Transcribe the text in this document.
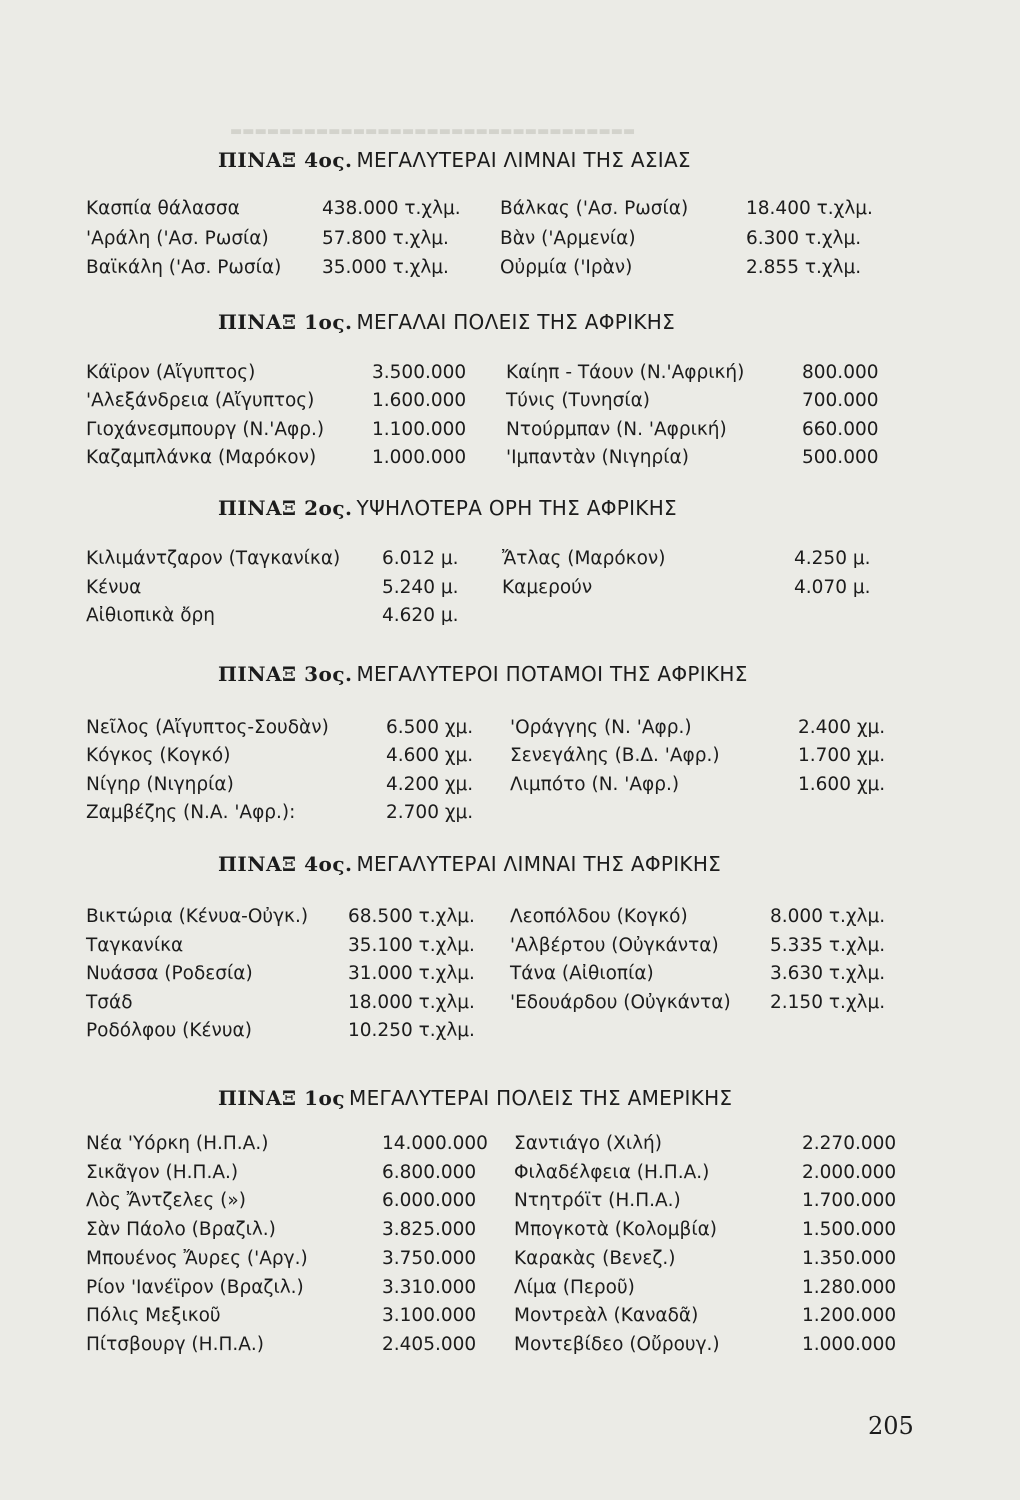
▬▬▬▬▬▬▬▬▬▬▬▬▬▬▬▬▬▬▬▬▬▬▬▬▬▬▬▬▬▬▬▬▬
ΠΙΝΑΞ 4ος. ΜΕΓΑΛΥΤΕΡΑΙ ΛΙΜΝΑΙ ΤΗΣ ΑΣΙΑΣ
Κασπία θάλασσα	438.000 τ.χλμ. Βάλκας ('Ασ. Ρωσία)	18.400 τ.χλμ.
'Αράλη ('Ασ. Ρωσία)	57.800 τ.χλμ.	Βὰν ('Αρμενία)	6.300 τ.χλμ.
Βαϊκάλη ('Ασ. Ρωσία) 35.000 τ.χλμ.	Οὐρμία ('Ιρὰν)	2.855 τ.χλμ.
ΠΙΝΑΞ 1ος. ΜΕΓΑΛΑΙ ΠΟΛΕΙΣ ΤΗΣ ΑΦΡΙΚΗΣ
Κάϊρον (Αἴγυπτος)	3.500.000 Καίηπ - Τάουν (Ν.'Αφρική)	800.000
'Αλεξάνδρεια (Αἴγυπτος)	1.600.000 Τύνις (Τυνησία)	700.000
Γιοχάνεσμπουργ (Ν.'Αφρ.)	1.100.000 Ντούρμπαν (Ν. 'Αφρική)	660.000
Καζαμπλάνκα (Μαρόκον)	1.000.000 'Ιμπαντὰν (Νιγηρία)	500.000
ΠΙΝΑΞ 2ος. ΥΨΗΛΟΤΕΡΑ ΟΡΗ ΤΗΣ ΑΦΡΙΚΗΣ
Κιλιμάντζαρον (Ταγκανίκα) 6.012 μ. Ἄτλας (Μαρόκον)	4.250 μ.
Κένυα	5.240 μ. Καμερούν	4.070 μ.
Αἰθιοπικὰ ὄρη	4.620 μ.
ΠΙΝΑΞ 3ος. ΜΕΓΑΛΥΤΕΡΟΙ ΠΟΤΑΜΟΙ ΤΗΣ ΑΦΡΙΚΗΣ
Νεῖλος (Αἴγυπτος-Σουδὰν)	6.500 χμ. 'Οράγγης (Ν. 'Αφρ.)	2.400 χμ.
Κόγκος (Κογκό)	4.600 χμ. Σενεγάλης (Β.Δ. 'Αφρ.)	1.700 χμ.
Νίγηρ (Νιγηρία)	4.200 χμ. Λιμπότο (Ν. 'Αφρ.)	1.600 χμ.
Ζαμβέζης (Ν.Α. 'Αφρ.):	2.700 χμ.
ΠΙΝΑΞ 4ος. ΜΕΓΑΛΥΤΕΡΑΙ ΛΙΜΝΑΙ ΤΗΣ ΑΦΡΙΚΗΣ
Βικτώρια (Κένυα-Οὐγκ.) 68.500 τ.χλμ. Λεοπόλδου (Κογκό)	8.000 τ.χλμ.
Ταγκανίκα	35.100 τ.χλμ. 'Αλβέρτου (Οὐγκάντα)	5.335 τ.χλμ.
Νυάσσα (Ροδεσία)	31.000 τ.χλμ. Τάνα (Αἰθιοπία)	3.630 τ.χλμ.
Τσάδ	18.000 τ.χλμ. 'Εδουάρδου (Οὐγκάντα) 2.150 τ.χλμ.
Ροδόλφου (Κένυα)	10.250 τ.χλμ.
ΠΙΝΑΞ 1ος ΜΕΓΑΛΥΤΕΡΑΙ ΠΟΛΕΙΣ ΤΗΣ ΑΜΕΡΙΚΗΣ
Νέα 'Υόρκη (Η.Π.Α.)	14.000.000 Σαντιάγο (Χιλή)	2.270.000
Σικᾶγον (Η.Π.Α.)	6.800.000 Φιλαδέλφεια (Η.Π.Α.)	2.000.000
Λὸς Ἄντζελες (»)	6.000.000 Ντητρόϊτ (Η.Π.Α.)	1.700.000
Σὰν Πάολο (Βραζιλ.)	3.825.000 Μπογκοτὰ (Κολομβία)	1.500.000
Μπουένος Ἄυρες ('Αργ.)	3.750.000 Καρακὰς (Βενεζ.)	1.350.000
Ρίον 'Ιανέϊρον (Βραζιλ.)	3.310.000 Λίμα (Περοῦ)	1.280.000
Πόλις Μεξικοῦ	3.100.000 Μοντρεὰλ (Καναδᾶ)	1.200.000
Πίτσβουργ (Η.Π.Α.)	2.405.000 Μοντεβίδεο (Οὔρουγ.)	1.000.000
205
